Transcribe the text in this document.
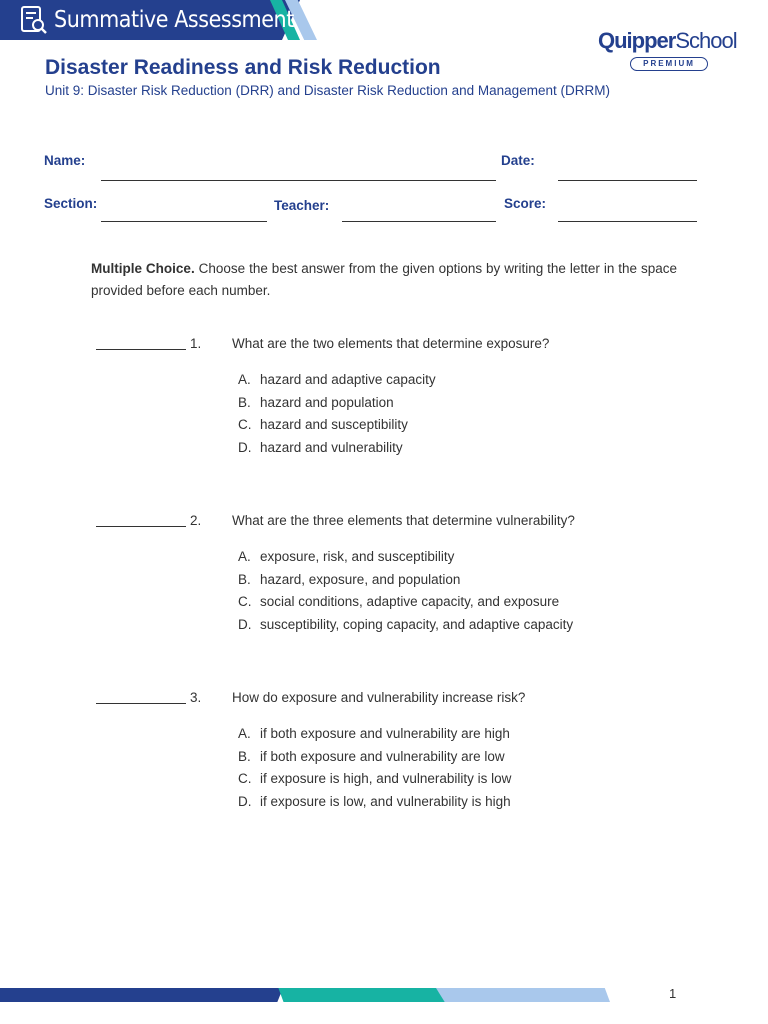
Summative Assessment
QuipperSchool
PREMIUM
Disaster Readiness and Risk Reduction
Unit 9: Disaster Risk Reduction (DRR) and Disaster Risk Reduction and Management (DRRM)
Name:	Date:
Section:	Teacher:	Score:
Multiple Choice. Choose the best answer from the given options by writing the letter in the space provided before each number.
1. What are the two elements that determine exposure?
A. hazard and adaptive capacity
B. hazard and population
C. hazard and susceptibility
D. hazard and vulnerability
2. What are the three elements that determine vulnerability?
A. exposure, risk, and susceptibility
B. hazard, exposure, and population
C. social conditions, adaptive capacity, and exposure
D. susceptibility, coping capacity, and adaptive capacity
3. How do exposure and vulnerability increase risk?
A. if both exposure and vulnerability are high
B. if both exposure and vulnerability are low
C. if exposure is high, and vulnerability is low
D. if exposure is low, and vulnerability is high
1
